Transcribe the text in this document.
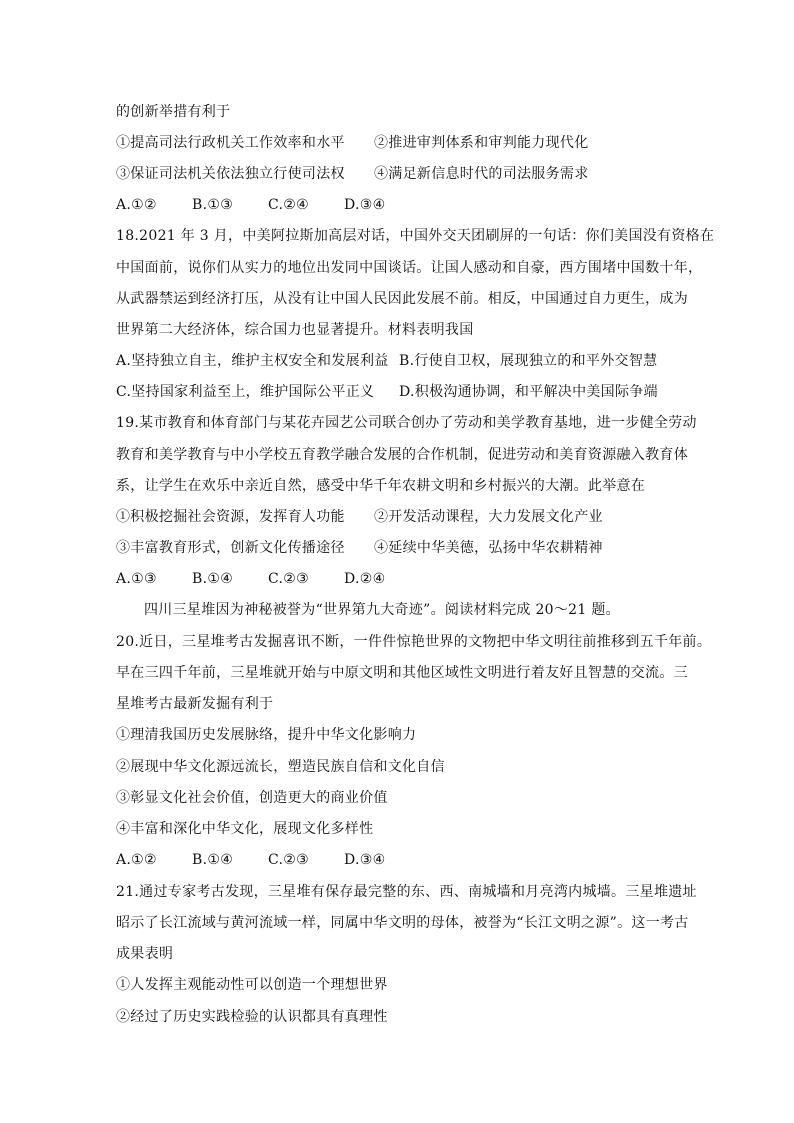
的创新举措有利于
①提高司法行政机关工作效率和水平	②推进审判体系和审判能力现代化
③保证司法机关依法独立行使司法权	④满足新信息时代的司法服务需求
A.①②	B.①③	C.②④	D.③④
18.2021 年 3 月，中美阿拉斯加高层对话，中国外交天团刷屏的一句话：你们美国没有资格在
中国面前，说你们从实力的地位出发同中国谈话。让国人感动和自豪，西方围堵中国数十年，
从武器禁运到经济打压，从没有让中国人民因此发展不前。相反，中国通过自力更生，成为
世界第二大经济体，综合国力也显著提升。材料表明我国
A.坚持独立自主，维护主权安全和发展利益 B.行使自卫权，展现独立的和平外交智慧
C.坚持国家利益至上，维护国际公平正义	D.积极沟通协调，和平解决中美国际争端
19.某市教育和体育部门与某花卉园艺公司联合创办了劳动和美学教育基地，进一步健全劳动
教育和美学教育与中小学校五育教学融合发展的合作机制，促进劳动和美育资源融入教育体
系，让学生在欢乐中亲近自然，感受中华千年农耕文明和乡村振兴的大潮。此举意在
①积极挖掘社会资源，发挥育人功能	②开发活动课程，大力发展文化产业
③丰富教育形式，创新文化传播途径	④延续中华美德，弘扬中华农耕精神
A.①③	B.①④	C.②③	D.②④
四川三星堆因为神秘被誉为“世界第九大奇迹”。阅读材料完成 20～21 题。
20.近日，三星堆考古发掘喜讯不断，一件件惊艳世界的文物把中华文明往前推移到五千年前。
早在三四千年前，三星堆就开始与中原文明和其他区域性文明进行着友好且智慧的交流。三
星堆考古最新发掘有利于
①理清我国历史发展脉络，提升中华文化影响力
②展现中华文化源远流长，塑造民族自信和文化自信
③彰显文化社会价值，创造更大的商业价值
④丰富和深化中华文化，展现文化多样性
A.①②	B.①④	C.②③	D.③④
21.通过专家考古发现，三星堆有保存最完整的东、西、南城墙和月亮湾内城墙。三星堆遗址
昭示了长江流域与黄河流域一样，同属中华文明的母体，被誉为“长江文明之源”。这一考古
成果表明
①人发挥主观能动性可以创造一个理想世界
②经过了历史实践检验的认识都具有真理性
